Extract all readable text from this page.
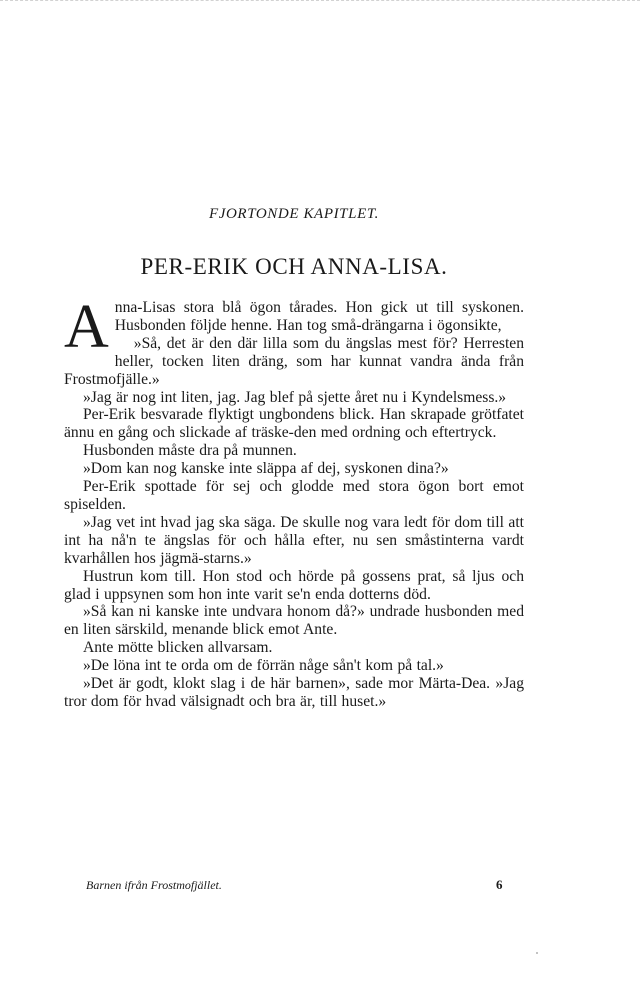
FJORTONDE KAPITLET.
PER-ERIK OCH ANNA-LISA.

Anna-Lisas stora blå ögon tårades. Hon gick ut till syskonen. Husbonden följde henne. Han tog små-drängarna i ögonsikte,

»Så, det är den där lilla som du ängslas mest för? Herresten heller, tocken liten dräng, som har kunnat vandra ända från Frostmofjälle.»

»Jag är nog int liten, jag. Jag blef på sjette året nu i Kyndelsmess.»

Per-Erik besvarade flyktigt ungbondens blick. Han skrapade grötfatet ännu en gång och slickade af träske-den med ordning och eftertryck.

Husbonden måste dra på munnen.

»Dom kan nog kanske inte släppa af dej, syskonen dina?»

Per-Erik spottade för sej och glodde med stora ögon bort emot spiselden.

»Jag vet int hvad jag ska säga. De skulle nog vara ledt för dom till att int ha nå'n te ängslas för och hålla efter, nu sen småstinterna vardt kvarhållen hos jägmä-starns.»

Hustrun kom till. Hon stod och hörde på gossens prat, så ljus och glad i uppsynen som hon inte varit se'n enda dotterns död.

»Så kan ni kanske inte undvara honom då?» undrade husbonden med en liten särskild, menande blick emot Ante.

Ante mötte blicken allvarsam.

»De löna int te orda om de förrän någe sån't kom på tal.»

»Det är godt, klokt slag i de här barnen», sade mor Märta-Dea. »Jag tror dom för hvad välsignadt och bra är, till huset.»

Barnen ifrån Frostmofjället.	6
